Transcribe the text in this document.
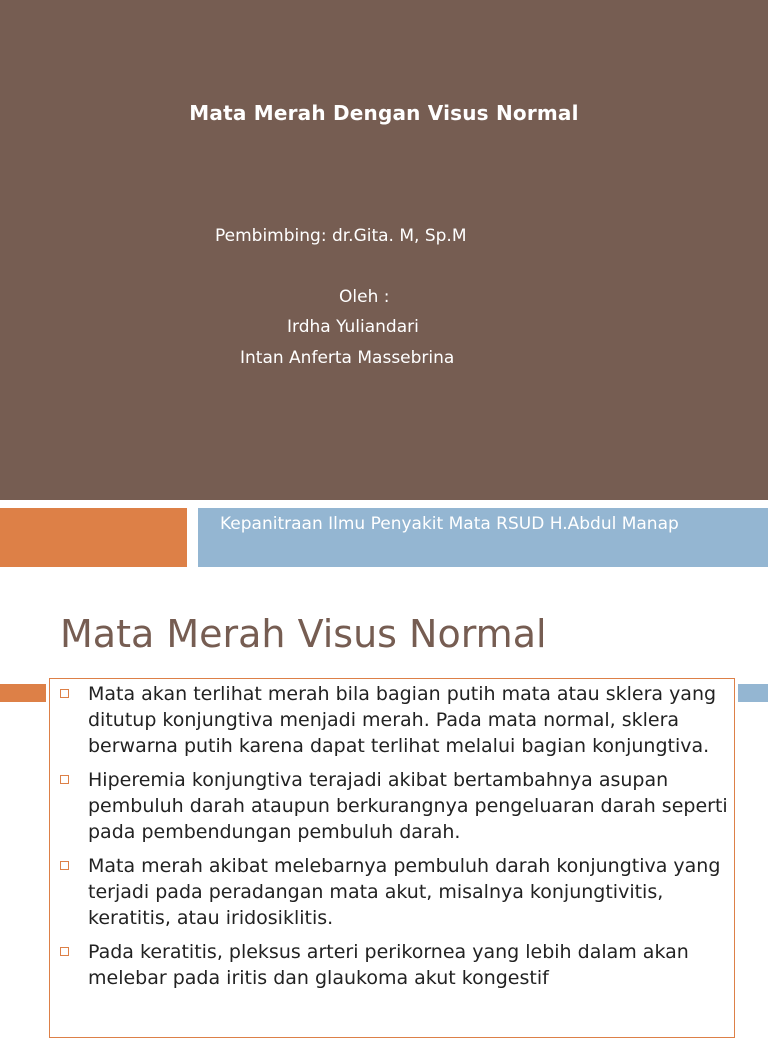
Mata Merah Dengan Visus Normal
Pembimbing: dr.Gita. M, Sp.M
Oleh :
Irdha Yuliandari
Intan Anferta Massebrina
Kepanitraan Ilmu Penyakit Mata RSUD H.Abdul Manap
Mata Merah Visus Normal
Mata akan terlihat merah bila bagian putih mata atau sklera yang ditutup konjungtiva menjadi merah. Pada mata normal, sklera berwarna putih karena dapat terlihat melalui bagian konjungtiva.
Hiperemia konjungtiva terajadi akibat bertambahnya asupan pembuluh darah ataupun berkurangnya pengeluaran darah seperti pada pembendungan pembuluh darah.
Mata merah akibat melebarnya pembuluh darah konjungtiva yang terjadi pada peradangan mata akut, misalnya konjungtivitis, keratitis, atau iridosiklitis.
Pada keratitis, pleksus arteri perikornea yang lebih dalam akan melebar pada iritis dan glaukoma akut kongestif
